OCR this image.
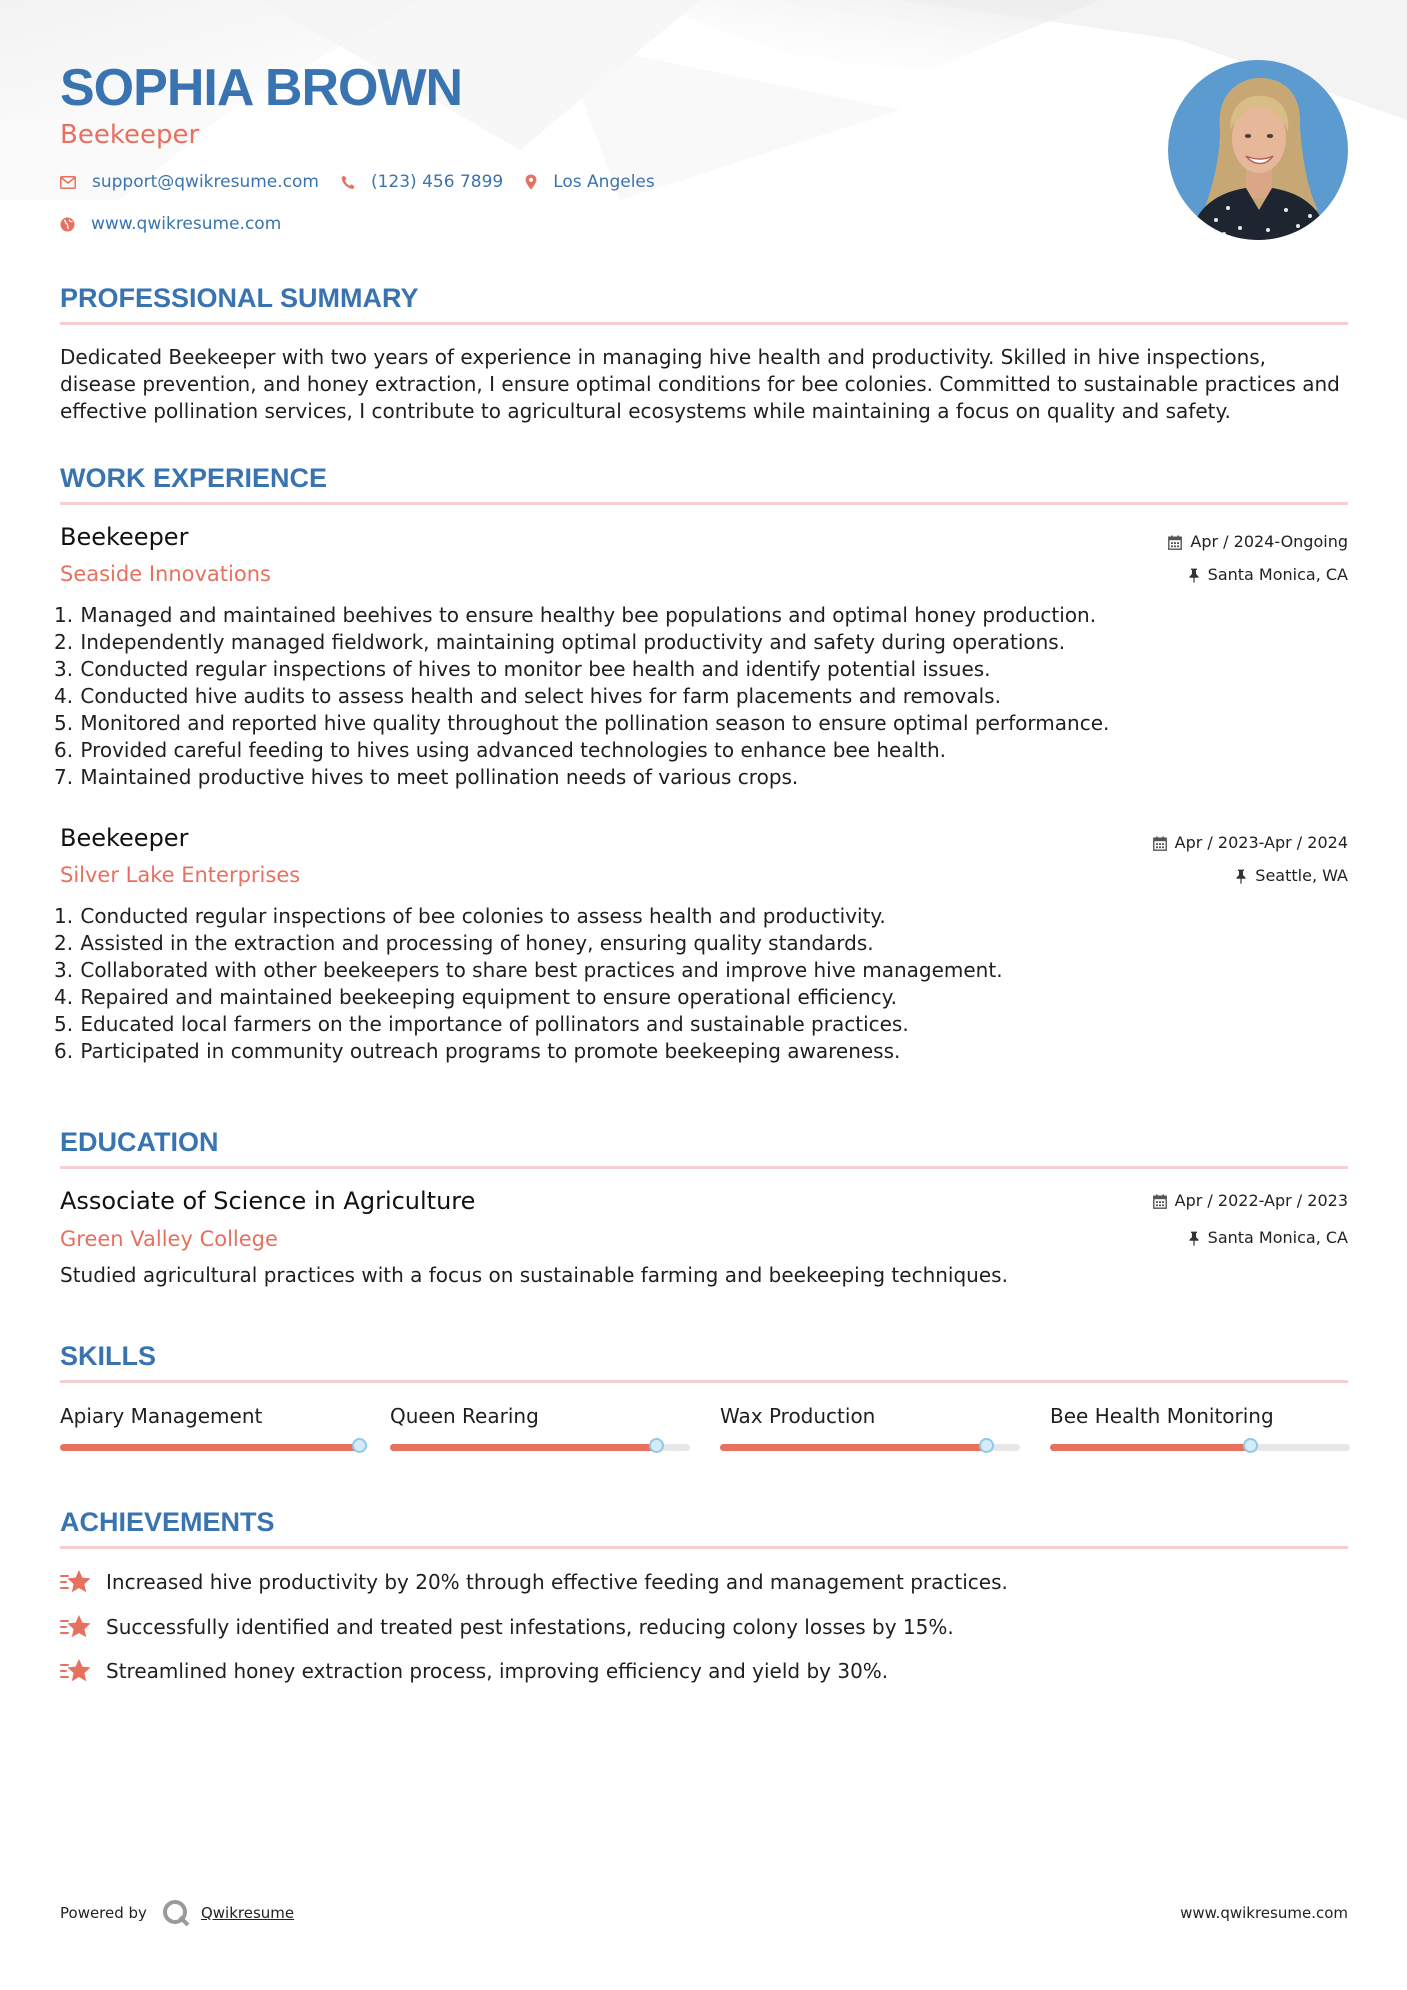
SOPHIA BROWN
Beekeeper
support@qwikresume.com	(123) 456 7899	Los Angeles
www.qwikresume.com
PROFESSIONAL SUMMARY

Dedicated Beekeeper with two years of experience in managing hive health and productivity. Skilled in hive inspections, disease prevention, and honey extraction, I ensure optimal conditions for bee colonies. Committed to sustainable practices and effective pollination services, I contribute to agricultural ecosystems while maintaining a focus on quality and safety.

WORK EXPERIENCE
Beekeeper
Seaside Innovations
Apr / 2024-Ongoing
Santa Monica, CA
1. Managed and maintained beehives to ensure healthy bee populations and optimal honey production.
2. Independently managed fieldwork, maintaining optimal productivity and safety during operations.
3. Conducted regular inspections of hives to monitor bee health and identify potential issues.
4. Conducted hive audits to assess health and select hives for farm placements and removals.
5. Monitored and reported hive quality throughout the pollination season to ensure optimal performance.
6. Provided careful feeding to hives using advanced technologies to enhance bee health.
7. Maintained productive hives to meet pollination needs of various crops.
Beekeeper
Silver Lake Enterprises
Apr / 2023-Apr / 2024
Seattle, WA
1. Conducted regular inspections of bee colonies to assess health and productivity.
2. Assisted in the extraction and processing of honey, ensuring quality standards.
3. Collaborated with other beekeepers to share best practices and improve hive management.
4. Repaired and maintained beekeeping equipment to ensure operational efficiency.
5. Educated local farmers on the importance of pollinators and sustainable practices.
6. Participated in community outreach programs to promote beekeeping awareness.
EDUCATION
Associate of Science in Agriculture
Green Valley College
Apr / 2022-Apr / 2023
Santa Monica, CA

Studied agricultural practices with a focus on sustainable farming and beekeeping techniques.

SKILLS
Apiary Management	Queen Rearing	Wax Production	Bee Health Monitoring
ACHIEVEMENTS
Increased hive productivity by 20% through effective feeding and management practices.
Successfully identified and treated pest infestations, reducing colony losses by 15%.
Streamlined honey extraction process, improving efficiency and yield by 30%.
Powered by	Qwikresume	www.qwikresume.com
